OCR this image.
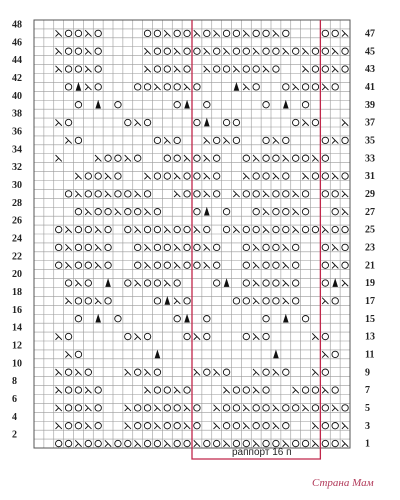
48
46
44
42
40
38
36
34
32
30
28
26
24
22
20
18
16
14
12
10
8
6
4
2
47
45
43
41
39
37
35
33
31
29
27
25
23
21
19
17
15
13
11
9
7
5
3
1
раппорт 16 п
Страна Мам
